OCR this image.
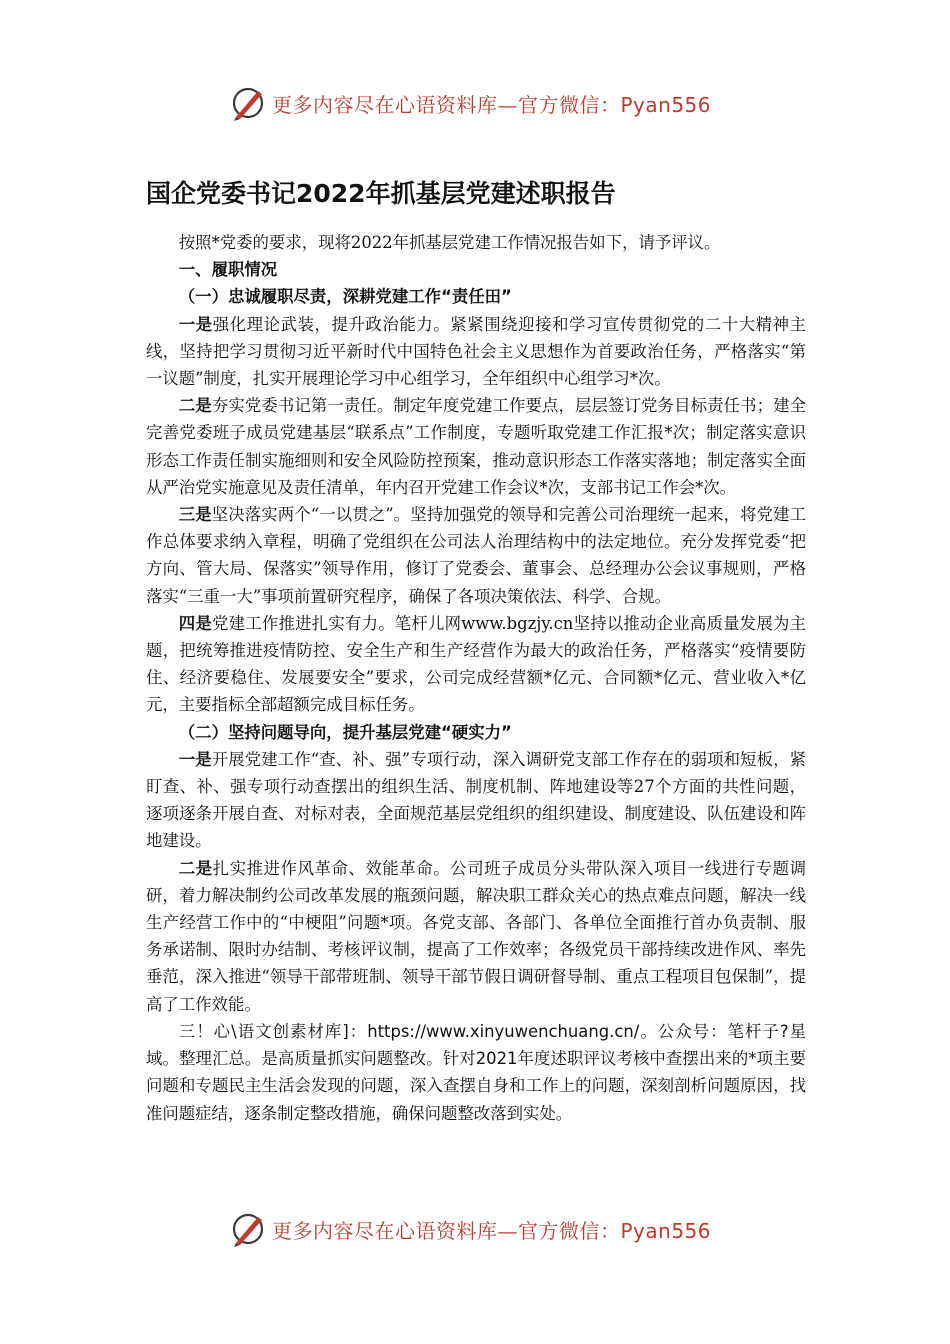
更多内容尽在心语资料库—官方微信：Pyan556
国企党委书记2022年抓基层党建述职报告

按照*党委的要求，现将2022年抓基层党建工作情况报告如下，请予评议。

一、履职情况

（一）忠诚履职尽责，深耕党建工作“责任田”

一是强化理论武装，提升政治能力。紧紧围绕迎接和学习宣传贯彻党的二十大精神主线，坚持把学习贯彻习近平新时代中国特色社会主义思想作为首要政治任务，严格落实“第一议题”制度，扎实开展理论学习中心组学习，全年组织中心组学习*次。

二是夯实党委书记第一责任。制定年度党建工作要点，层层签订党务目标责任书；建全完善党委班子成员党建基层“联系点”工作制度，专题听取党建工作汇报*次；制定落实意识形态工作责任制实施细则和安全风险防控预案，推动意识形态工作落实落地；制定落实全面从严治党实施意见及责任清单，年内召开党建工作会议*次，支部书记工作会*次。

三是坚决落实两个“一以贯之”。坚持加强党的领导和完善公司治理统一起来，将党建工作总体要求纳入章程，明确了党组织在公司法人治理结构中的法定地位。充分发挥党委“把方向、管大局、保落实”领导作用，修订了党委会、董事会、总经理办公会议事规则，严格落实“三重一大”事项前置研究程序，确保了各项决策依法、科学、合规。

四是党建工作推进扎实有力。笔杆儿网www.bgzjy.cn坚持以推动企业高质量发展为主题，把统筹推进疫情防控、安全生产和生产经营作为最大的政治任务，严格落实“疫情要防住、经济要稳住、发展要安全”要求，公司完成经营额*亿元、合同额*亿元、营业收入*亿元，主要指标全部超额完成目标任务。

（二）坚持问题导向，提升基层党建“硬实力”

一是开展党建工作“查、补、强”专项行动，深入调研党支部工作存在的弱项和短板，紧盯查、补、强专项行动查摆出的组织生活、制度机制、阵地建设等27个方面的共性问题，逐项逐条开展自查、对标对表，全面规范基层党组织的组织建设、制度建设、队伍建设和阵地建设。

二是扎实推进作风革命、效能革命。公司班子成员分头带队深入项目一线进行专题调研，着力解决制约公司改革发展的瓶颈问题，解决职工群众关心的热点难点问题，解决一线生产经营工作中的“中梗阻”问题*项。各党支部、各部门、各单位全面推行首办负责制、服务承诺制、限时办结制、考核评议制，提高了工作效率；各级党员干部持续改进作风、率先垂范，深入推进“领导干部带班制、领导干部节假日调研督导制、重点工程项目包保制”，提高了工作效能。

三！心\语文创素材库]：https://www.xinyuwenchuang.cn/。公众号：笔杆子?星域。整理汇总。是高质量抓实问题整改。针对2021年度述职评议考核中查摆出来的*项主要问题和专题民主生活会发现的问题，深入查摆自身和工作上的问题，深刻剖析问题原因，找准问题症结，逐条制定整改措施，确保问题整改落到实处。

更多内容尽在心语资料库—官方微信：Pyan556
